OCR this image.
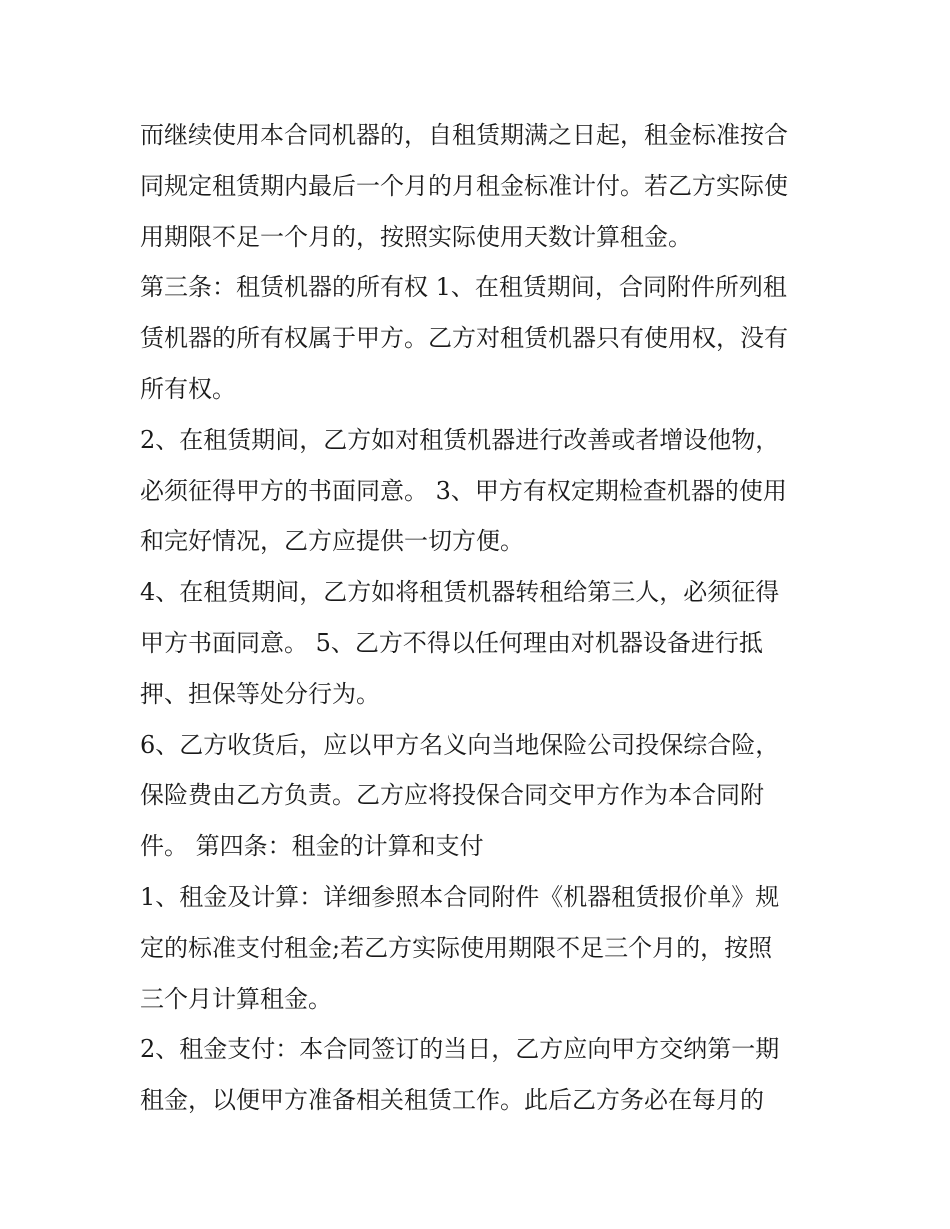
而继续使用本合同机器的，自租赁期满之日起，租金标准按合
同规定租赁期内最后一个月的月租金标准计付。若乙方实际使
用期限不足一个月的，按照实际使用天数计算租金。
第三条：租赁机器的所有权 1、在租赁期间，合同附件所列租
赁机器的所有权属于甲方。乙方对租赁机器只有使用权，没有
所有权。
2、在租赁期间，乙方如对租赁机器进行改善或者增设他物，
必须征得甲方的书面同意。 3、甲方有权定期检查机器的使用
和完好情况，乙方应提供一切方便。
4、在租赁期间，乙方如将租赁机器转租给第三人，必须征得
甲方书面同意。 5、乙方不得以任何理由对机器设备进行抵
押、担保等处分行为。
6、乙方收货后，应以甲方名义向当地保险公司投保综合险，
保险费由乙方负责。乙方应将投保合同交甲方作为本合同附
件。 第四条：租金的计算和支付
1、租金及计算：详细参照本合同附件《机器租赁报价单》规
定的标准支付租金;若乙方实际使用期限不足三个月的，按照
三个月计算租金。
2、租金支付：本合同签订的当日，乙方应向甲方交纳第一期
租金，以便甲方准备相关租赁工作。此后乙方务必在每月的
